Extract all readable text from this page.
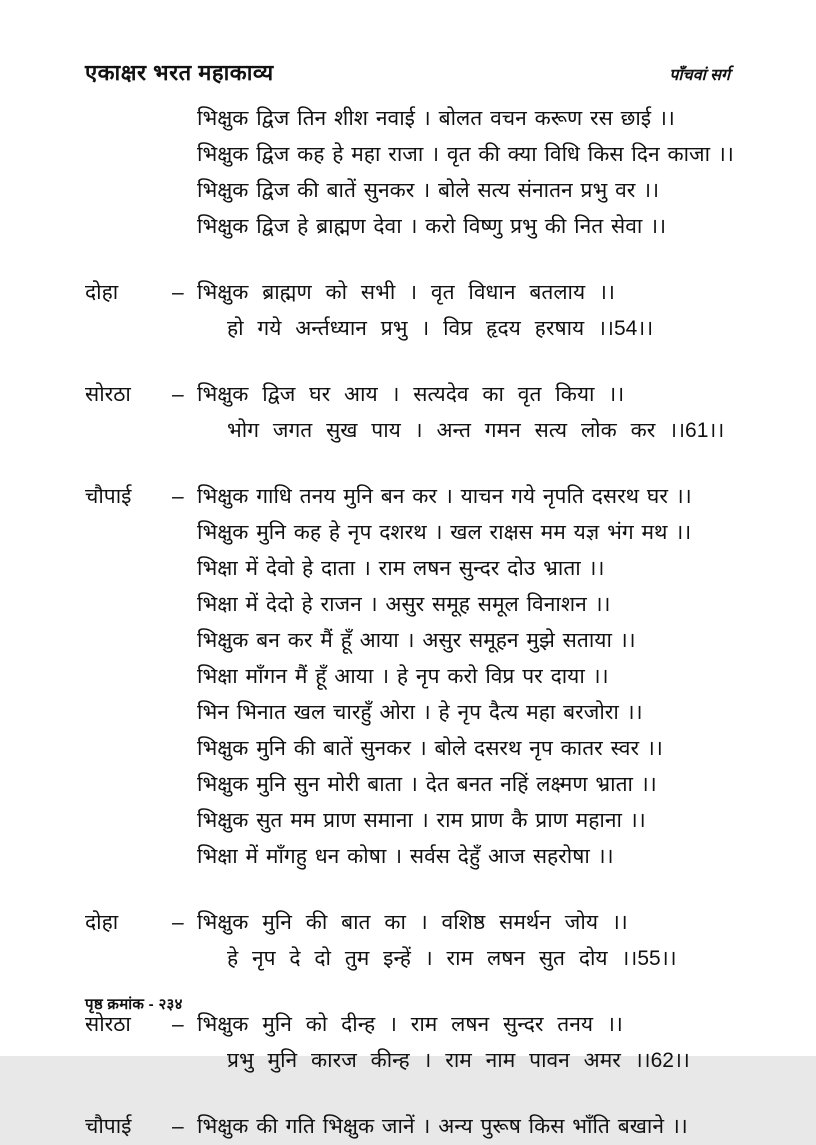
एकाक्षर भरत महाकाव्य	पाँचवां सर्ग
भिक्षुक द्विज तिन शीश नवाई । बोलत वचन करूण रस छाई ।।
भिक्षुक द्विज कह हे महा राजा । वृत की क्या विधि किस दिन काजा ।।
भिक्षुक द्विज की बातें सुनकर । बोले सत्य संनातन प्रभु वर ।।
भिक्षुक द्विज हे ब्राह्मण देवा । करो विष्णु प्रभु की नित सेवा ।।
दोहा	– भिक्षुक ब्राह्मण को सभी । वृत विधान बतलाय ।।
हो गये अर्न्तध्यान प्रभु । विप्र हृदय हरषाय ।।54।।
सोरठा	– भिक्षुक द्विज घर आय । सत्यदेव का वृत किया ।।
भोग जगत सुख पाय । अन्त गमन सत्य लोक कर ।।61।।
चौपाई	– भिक्षुक गाधि तनय मुनि बन कर । याचन गये नृपति दसरथ घर ।।
भिक्षुक मुनि कह हे नृप दशरथ । खल राक्षस मम यज्ञ भंग मथ ।।
भिक्षा में देवो हे दाता । राम लषन सुन्दर दोउ भ्राता ।।
भिक्षा में देदो हे राजन । असुर समूह समूल विनाशन ।।
भिक्षुक बन कर मैं हूँ आया । असुर समूहन मुझे सताया ।।
भिक्षा माँगन मैं हूँ आया । हे नृप करो विप्र पर दाया ।।
भिन भिनात खल चारहुँ ओरा । हे नृप दैत्य महा बरजोरा ।।
भिक्षुक मुनि की बातें सुनकर । बोले दसरथ नृप कातर स्वर ।।
भिक्षुक मुनि सुन मोरी बाता । देत बनत नहिं लक्ष्मण भ्राता ।।
भिक्षुक सुत मम प्राण समाना । राम प्राण कै प्राण महाना ।।
भिक्षा में माँगहु धन कोषा । सर्वस देहुँ आज सहरोषा ।।
दोहा	– भिक्षुक मुनि की बात का । वशिष्ठ समर्थन जोय ।।
हे नृप दे दो तुम इन्हें । राम लषन सुत दोय ।।55।।
सोरठा	– भिक्षुक मुनि को दीन्ह । राम लषन सुन्दर तनय ।।
प्रभु मुनि कारज कीन्ह । राम नाम पावन अमर ।।62।।
चौपाई	– भिक्षुक की गति भिक्षुक जानें । अन्य पुरूष किस भाँति बखाने ।।
पृष्ठ क्रमांक - २३४
